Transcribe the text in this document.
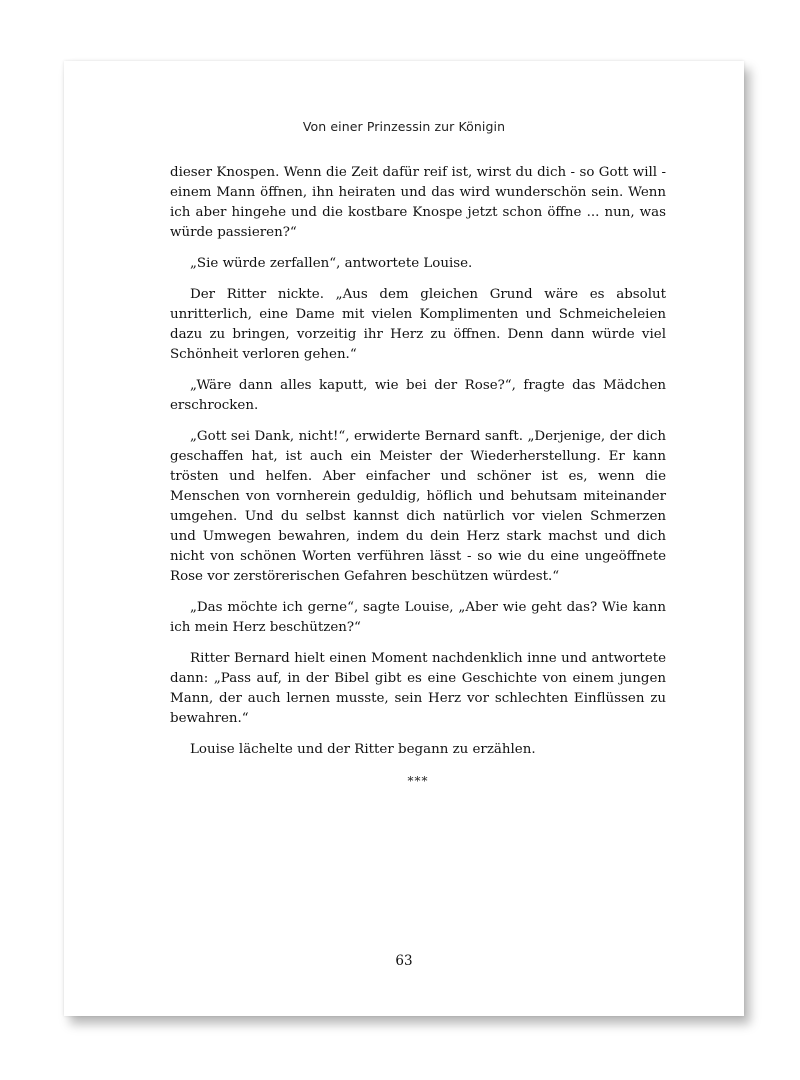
Von einer Prinzessin zur Königin

dieser Knospen. Wenn die Zeit dafür reif ist, wirst du dich - so Gott will - einem Mann öffnen, ihn heiraten und das wird wunderschön sein. Wenn ich aber hingehe und die kostbare Knospe jetzt schon öffne ... nun, was würde passieren?“

„Sie würde zerfallen“, antwortete Louise.

Der Ritter nickte. „Aus dem gleichen Grund wäre es absolut unritterlich, eine Dame mit vielen Komplimenten und Schmeicheleien dazu zu bringen, vorzeitig ihr Herz zu öffnen. Denn dann würde viel Schönheit verloren gehen.“

„Wäre dann alles kaputt, wie bei der Rose?“, fragte das Mädchen erschrocken.

„Gott sei Dank, nicht!“, erwiderte Bernard sanft. „Derjenige, der dich geschaffen hat, ist auch ein Meister der Wiederherstellung. Er kann trösten und helfen. Aber einfacher und schöner ist es, wenn die Menschen von vornherein geduldig, höflich und behutsam miteinander umgehen. Und du selbst kannst dich natürlich vor vielen Schmerzen und Umwegen bewahren, indem du dein Herz stark machst und dich nicht von schönen Worten verführen lässt - so wie du eine ungeöffnete Rose vor zerstörerischen Gefahren beschützen würdest.“

„Das möchte ich gerne“, sagte Louise, „Aber wie geht das? Wie kann ich mein Herz beschützen?“

Ritter Bernard hielt einen Moment nachdenklich inne und antwortete dann: „Pass auf, in der Bibel gibt es eine Geschichte von einem jungen Mann, der auch lernen musste, sein Herz vor schlechten Einflüssen zu bewahren.“

Louise lächelte und der Ritter begann zu erzählen.

***
63
